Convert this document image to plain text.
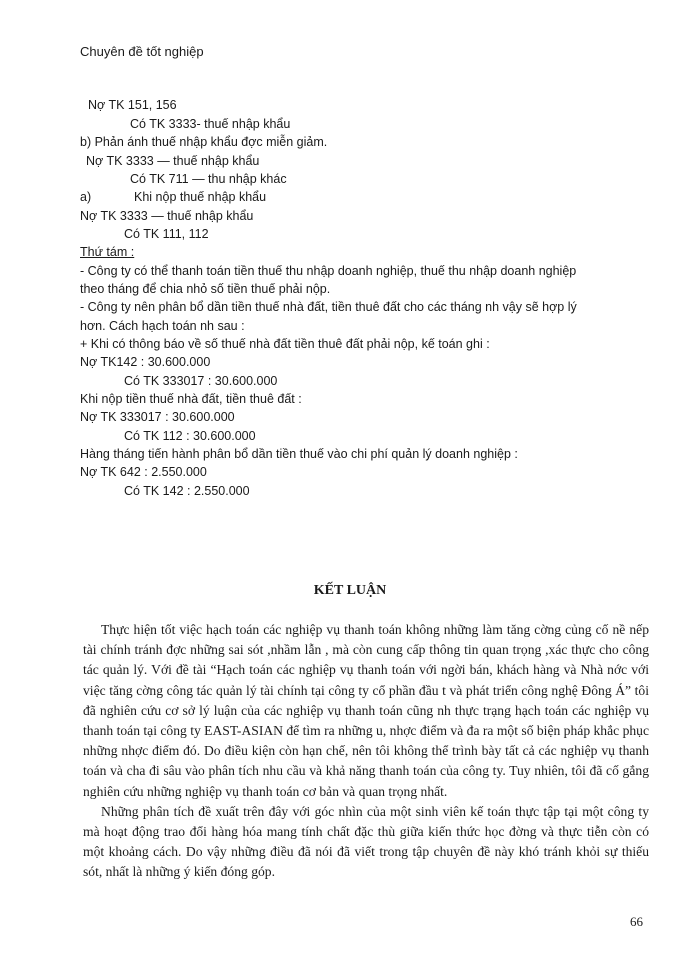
Chuyên đề tốt nghiệp
Nợ TK 151, 156
Có TK 3333- thuế nhập khẩu
b) Phản ánh thuế nhập khẩu đợc miễn giảm.
Nợ TK 3333 — thuế nhập khẩu
Có TK 711 — thu nhập khác
a)	Khi nộp thuế nhập khẩu
Nợ TK 3333 — thuế nhập khẩu
Có TK 111, 112
Thứ tám :
- Công ty có thể thanh toán tiền thuế thu nhập doanh nghiệp, thuế thu nhập doanh nghiệp
theo tháng để chia nhỏ số tiền thuế phải nộp.
- Công ty nên phân bổ dần tiền thuế nhà đất, tiền thuê đất cho các tháng nh vậy sẽ hợp lý
hơn. Cách hạch toán nh sau :
+ Khi có thông báo về số thuế nhà đất tiền thuê đất phải nộp, kế toán ghi :
Nợ TK142 : 30.600.000
Có TK 333017 : 30.600.000
Khi nộp tiền thuế nhà đất, tiền thuê đất :
Nợ TK 333017 : 30.600.000
Có TK 112 : 30.600.000
Hàng tháng tiến hành phân bổ dần tiền thuế vào chi phí quản lý doanh nghiệp :
Nợ TK 642 : 2.550.000
Có TK 142 : 2.550.000
KẾT LUẬN

Thực hiện tốt việc hạch toán các nghiệp vụ thanh toán không những làm tăng cờng củng cố nề nếp tài chính tránh đợc những sai sót ,nhầm lẫn , mà còn cung cấp thông tin quan trọng ,xác thực cho công tác quản lý. Với đề tài “Hạch toán các nghiệp vụ thanh toán với ngời bán, khách hàng và Nhà nớc với việc tăng cờng công tác quản lý tài chính tại công ty cổ phần đầu t và phát triển công nghệ Đông Á” tôi đã nghiên cứu cơ sở lý luận của các nghiệp vụ thanh toán cũng nh thực trạng hạch toán các nghiệp vụ thanh toán tại công ty EAST-ASIAN để tìm ra những u, nhợc điểm và đa ra một số biện pháp khắc phục những nhợc điểm đó. Do điều kiện còn hạn chế, nên tôi không thể trình bày tất cả các nghiệp vụ thanh toán và cha đi sâu vào phân tích nhu cầu và khả năng thanh toán của công ty. Tuy nhiên, tôi đã cố gắng nghiên cứu những nghiệp vụ thanh toán cơ bản và quan trọng nhất.

Những phân tích đề xuất trên đây với góc nhìn của một sinh viên kế toán thực tập tại một công ty mà hoạt động trao đổi hàng hóa mang tính chất đặc thù giữa kiến thức học đờng và thực tiễn còn có một khoảng cách. Do vậy những điều đã nói đã viết trong tập chuyên đề này khó tránh khỏi sự thiếu sót, nhất là những ý kiến đóng góp.

66
